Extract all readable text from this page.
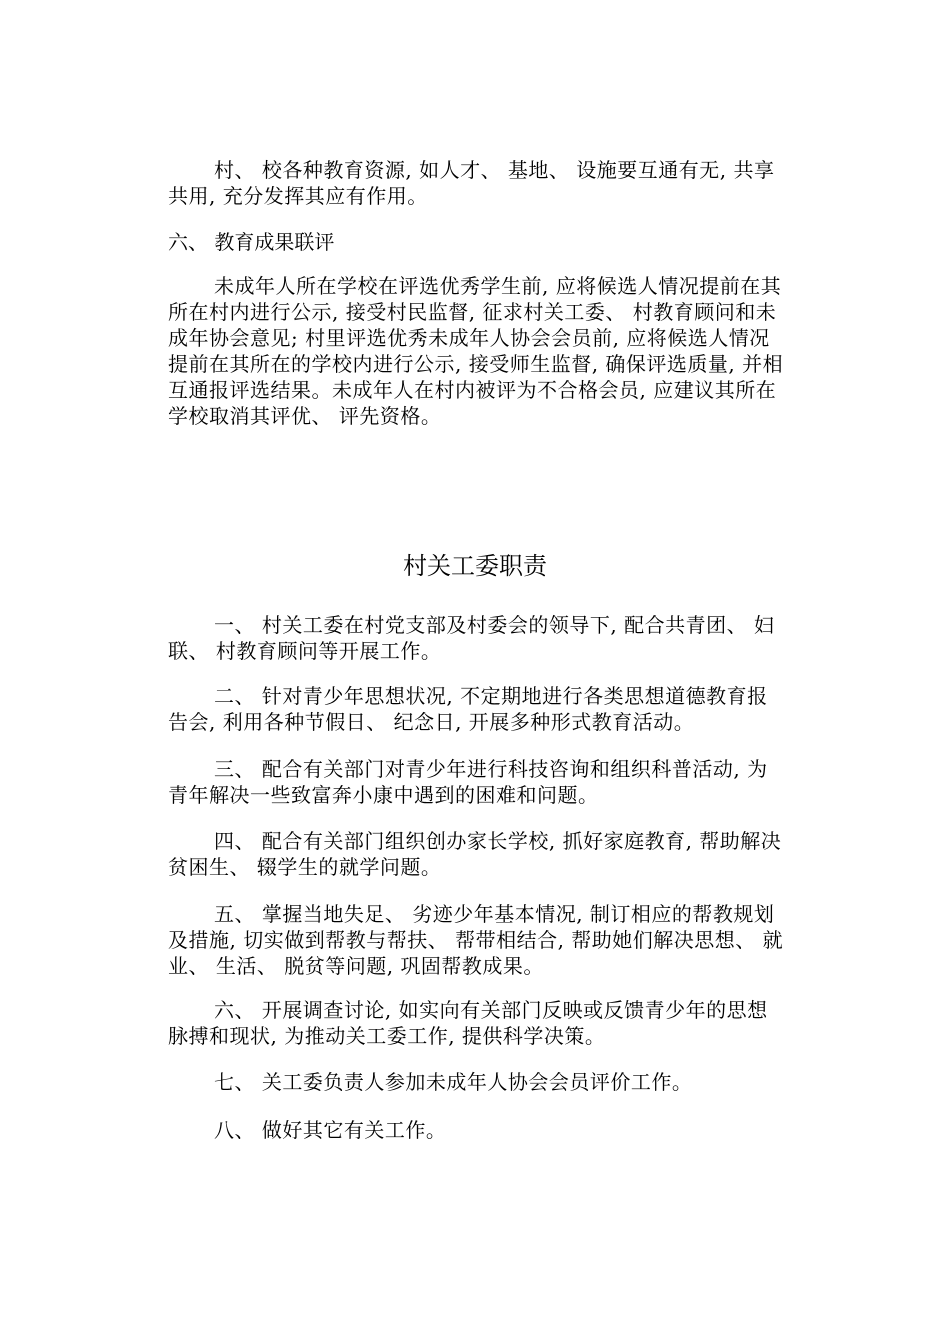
村、 校各种教育资源, 如人才、 基地、 设施要互通有无, 共享共用, 充分发挥其应有作用。

六、 教育成果联评

未成年人所在学校在评选优秀学生前, 应将候选人情况提前在其所在村内进行公示, 接受村民监督, 征求村关工委、 村教育顾问和未成年协会意见; 村里评选优秀未成年人协会会员前, 应将候选人情况提前在其所在的学校内进行公示, 接受师生监督, 确保评选质量, 并相互通报评选结果。未成年人在村内被评为不合格会员, 应建议其所在学校取消其评优、 评先资格。

村关工委职责

一、 村关工委在村党支部及村委会的领导下, 配合共青团、 妇联、 村教育顾问等开展工作。

二、 针对青少年思想状况, 不定期地进行各类思想道德教育报告会, 利用各种节假日、 纪念日, 开展多种形式教育活动。

三、 配合有关部门对青少年进行科技咨询和组织科普活动, 为青年解决一些致富奔小康中遇到的困难和问题。

四、 配合有关部门组织创办家长学校, 抓好家庭教育, 帮助解决贫困生、 辍学生的就学问题。

五、 掌握当地失足、 劣迹少年基本情况, 制订相应的帮教规划及措施, 切实做到帮教与帮扶、 帮带相结合, 帮助她们解决思想、 就业、 生活、 脱贫等问题, 巩固帮教成果。

六、 开展调查讨论, 如实向有关部门反映或反馈青少年的思想脉搏和现状, 为推动关工委工作, 提供科学决策。

七、 关工委负责人参加未成年人协会会员评价工作。

八、 做好其它有关工作。
